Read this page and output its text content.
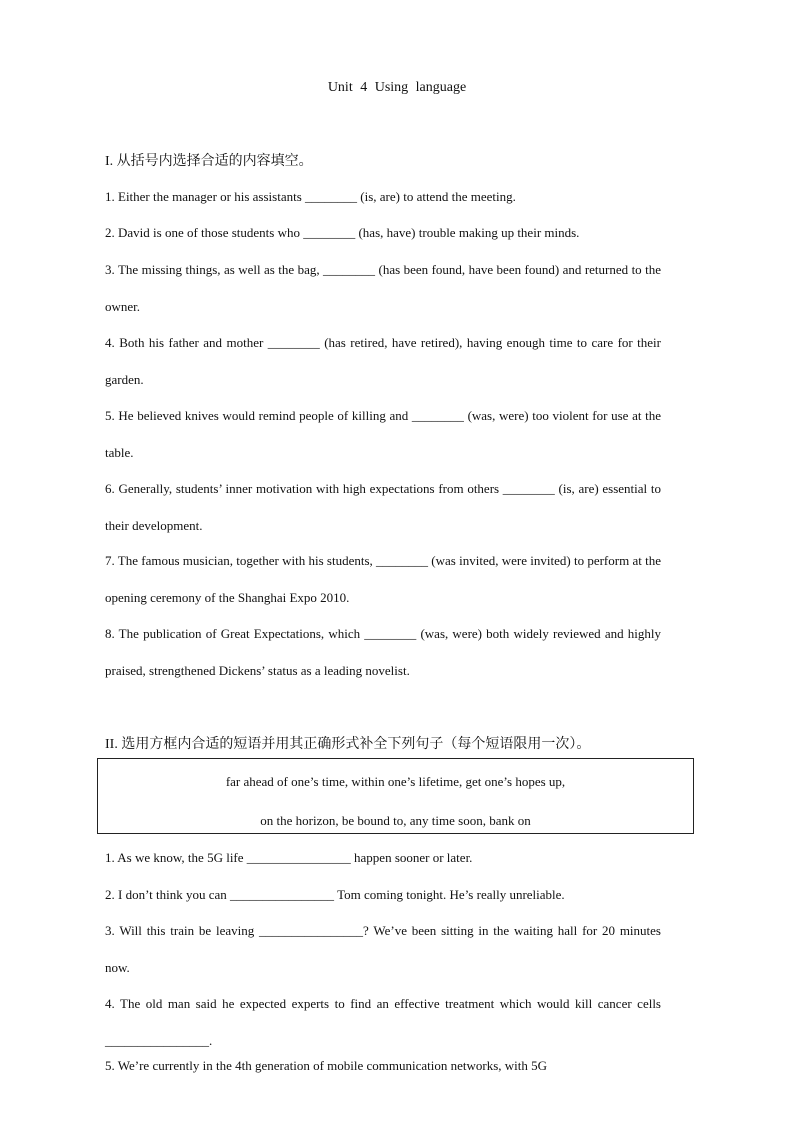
Unit 4 Using language
I. 从括号内选择合适的内容填空。
1. Either the manager or his assistants ________ (is, are) to attend the meeting.
2. David is one of those students who ________ (has, have) trouble making up their minds.
3. The missing things, as well as the bag, ________ (has been found, have been found) and returned to the owner.
4. Both his father and mother ________ (has retired, have retired), having enough time to care for their garden.
5. He believed knives would remind people of killing and ________ (was, were) too violent for use at the table.
6. Generally, students’ inner motivation with high expectations from others ________ (is, are) essential to their development.
7. The famous musician, together with his students, ________ (was invited, were invited) to perform at the opening ceremony of the Shanghai Expo 2010.
8. The publication of Great Expectations, which ________ (was, were) both widely reviewed and highly praised, strengthened Dickens’ status as a leading novelist.
II. 选用方框内合适的短语并用其正确形式补全下列句子（每个短语限用一次）。
far ahead of one’s time, within one’s lifetime, get one’s hopes up,
on the horizon, be bound to, any time soon, bank on
1. As we know, the 5G life ________________ happen sooner or later.
2. I don’t think you can ________________ Tom coming tonight. He’s really unreliable.
3. Will this train be leaving ________________? We’ve been sitting in the waiting hall for 20 minutes now.
4. The old man said he expected experts to find an effective treatment which would kill cancer cells ________________.
5. We’re currently in the 4th generation of mobile communication networks, with 5G
